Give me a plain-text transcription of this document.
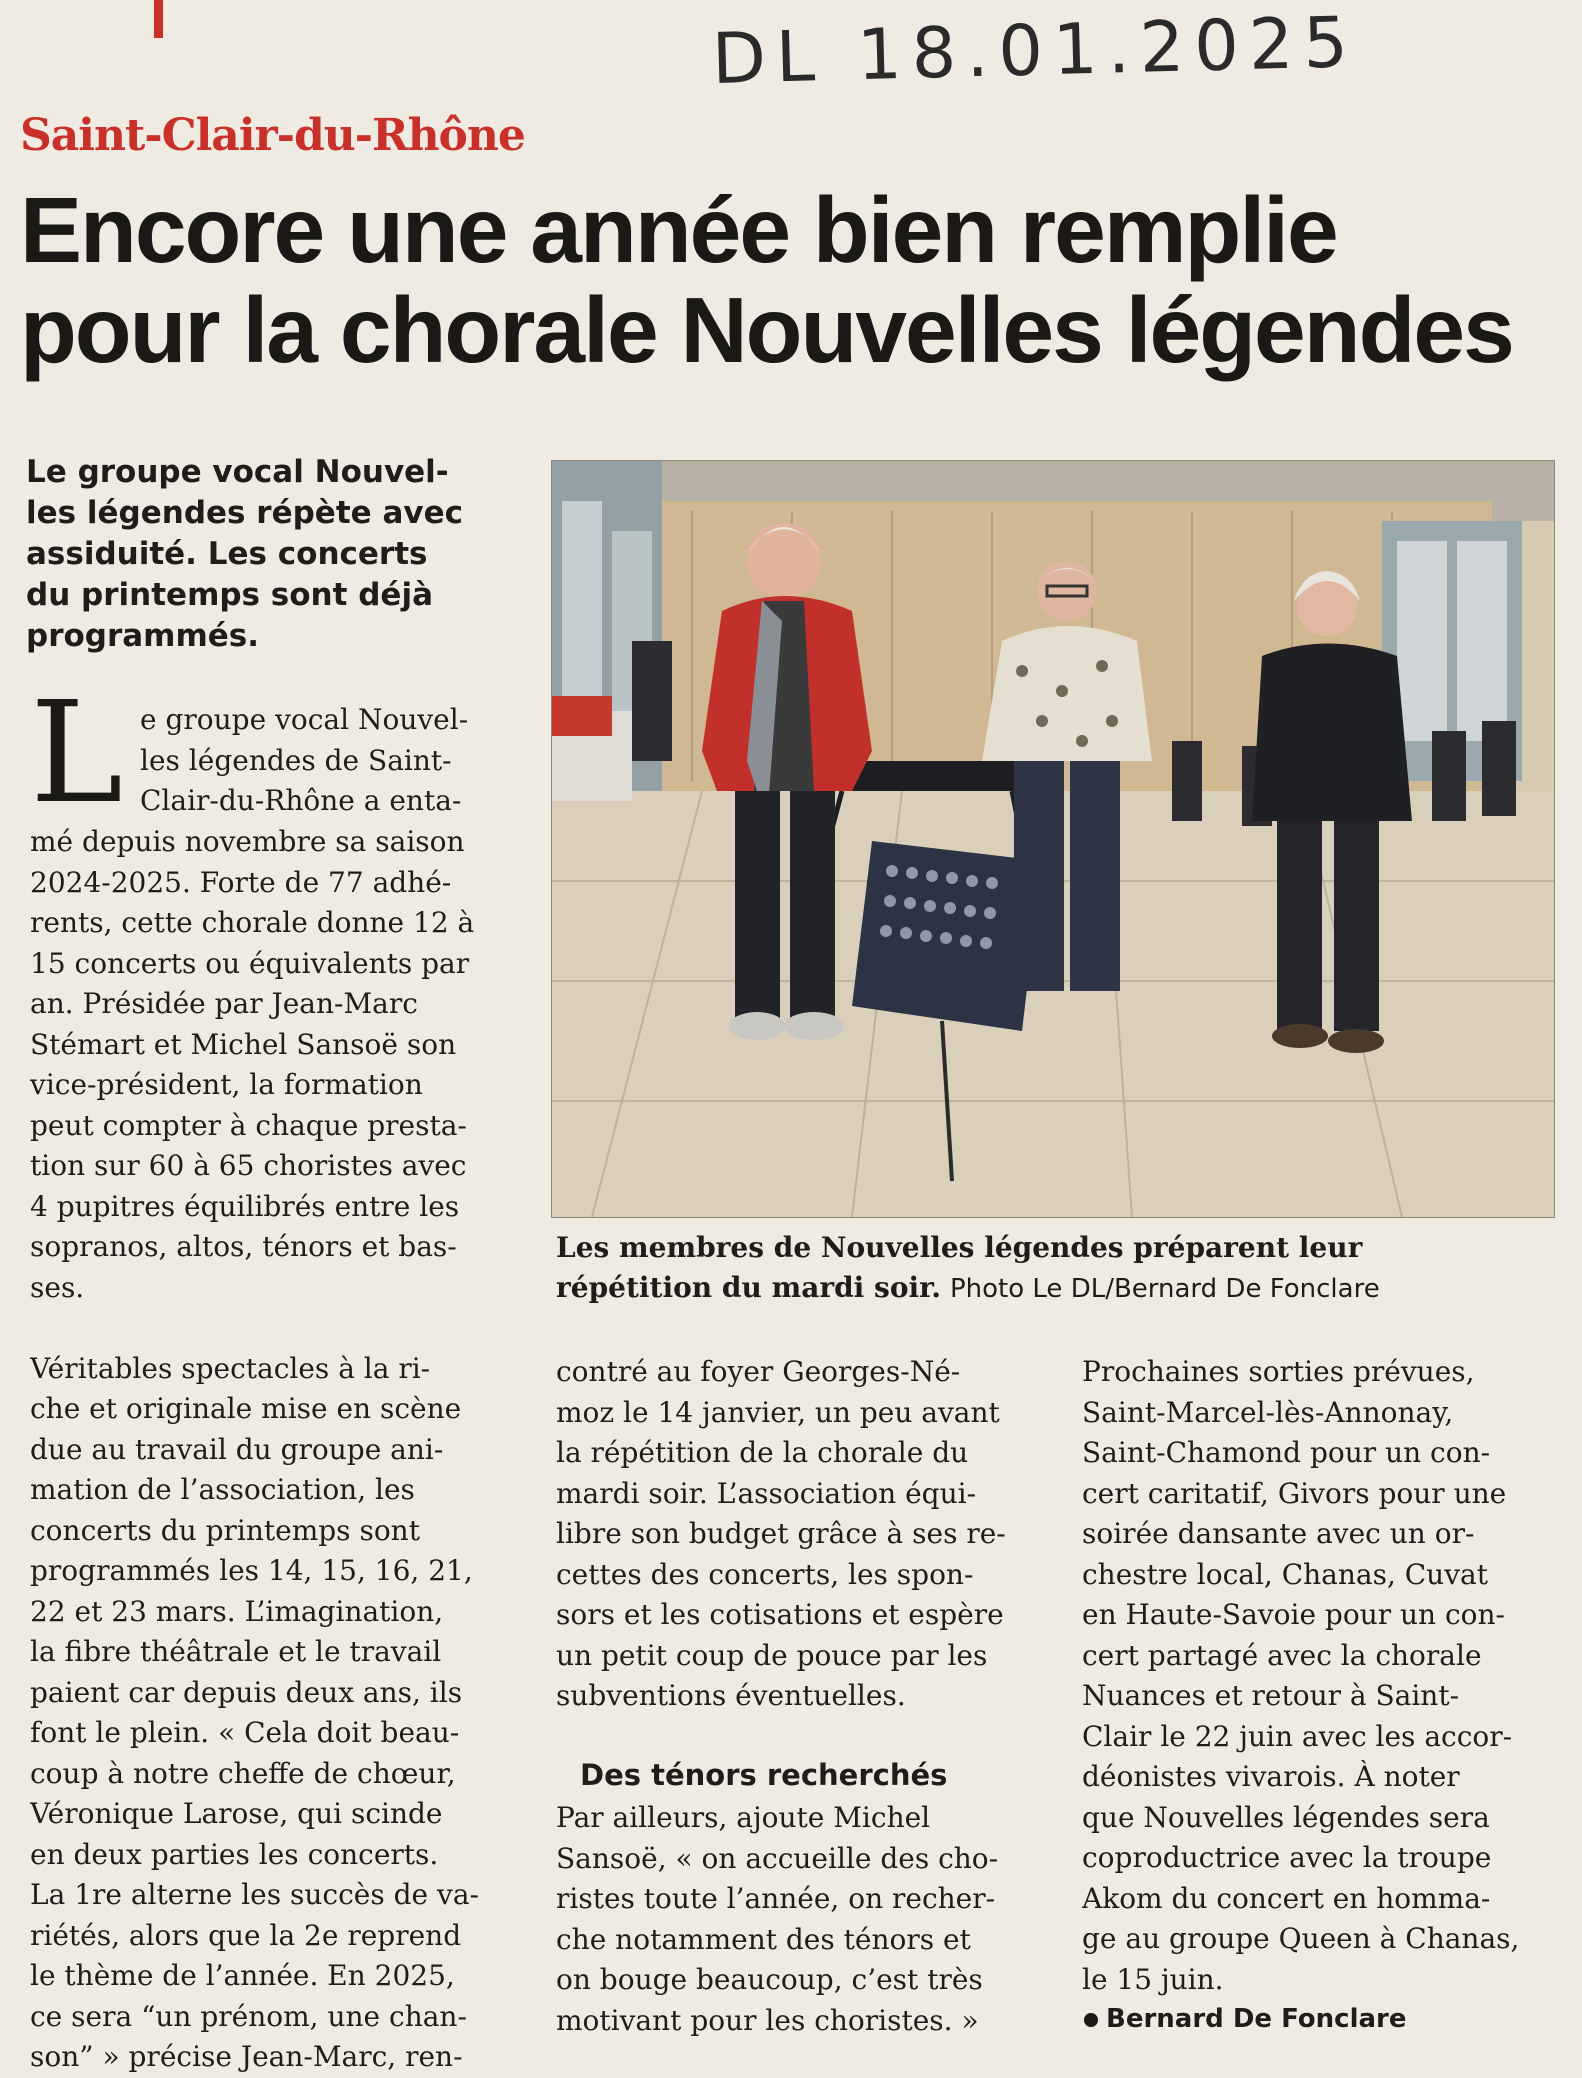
DL 18.01.2025
Saint-Clair-du-Rhône
Encore une année bien remplie
pour la chorale Nouvelles légendes
Le groupe vocal Nouvel-
les légendes répète avec
assiduité. Les concerts
du printemps sont déjà
programmés.
L e groupe vocal Nouvel-
les légendes de Saint-
Clair-du-Rhône a enta-
mé depuis novembre sa saison
2024-2025. Forte de 77 adhé-
rents, cette chorale donne 12 à
15 concerts ou équivalents par
an. Présidée par Jean-Marc
Stémart et Michel Sansoë son
vice-président, la formation
peut compter à chaque presta-
tion sur 60 à 65 choristes avec
4 pupitres équilibrés entre les
sopranos, altos, ténors et bas-
ses.

Véritables spectacles à la ri-
che et originale mise en scène
due au travail du groupe ani-
mation de l’association, les
concerts du printemps sont
programmés les 14, 15, 16, 21,
22 et 23 mars. L’imagination,
la fibre théâtrale et le travail
paient car depuis deux ans, ils
font le plein. « Cela doit beau-
coup à notre cheffe de chœur,
Véronique Larose, qui scinde
en deux parties les concerts.
La 1re alterne les succès de va-
riétés, alors que la 2e reprend
le thème de l’année. En 2025,
ce sera “un prénom, une chan-
son” » précise Jean-Marc, ren-
Les membres de Nouvelles légendes préparent leur
répétition du mardi soir. Photo Le DL/Bernard De Fonclare
contré au foyer Georges-Né-
moz le 14 janvier, un peu avant
la répétition de la chorale du
mardi soir. L’association équi-
libre son budget grâce à ses re-
cettes des concerts, les spon-
sors et les cotisations et espère
un petit coup de pouce par les
subventions éventuelles.
Des ténors recherchés
Par ailleurs, ajoute Michel
Sansoë, « on accueille des cho-
ristes toute l’année, on recher-
che notamment des ténors et
on bouge beaucoup, c’est très
motivant pour les choristes. »
Prochaines sorties prévues,
Saint-Marcel-lès-Annonay,
Saint-Chamond pour un con-
cert caritatif, Givors pour une
soirée dansante avec un or-
chestre local, Chanas, Cuvat
en Haute-Savoie pour un con-
cert partagé avec la chorale
Nuances et retour à Saint-
Clair le 22 juin avec les accor-
déonistes vivarois. À noter
que Nouvelles légendes sera
coproductrice avec la troupe
Akom du concert en homma-
ge au groupe Queen à Chanas,
le 15 juin.
Bernard De Fonclare
